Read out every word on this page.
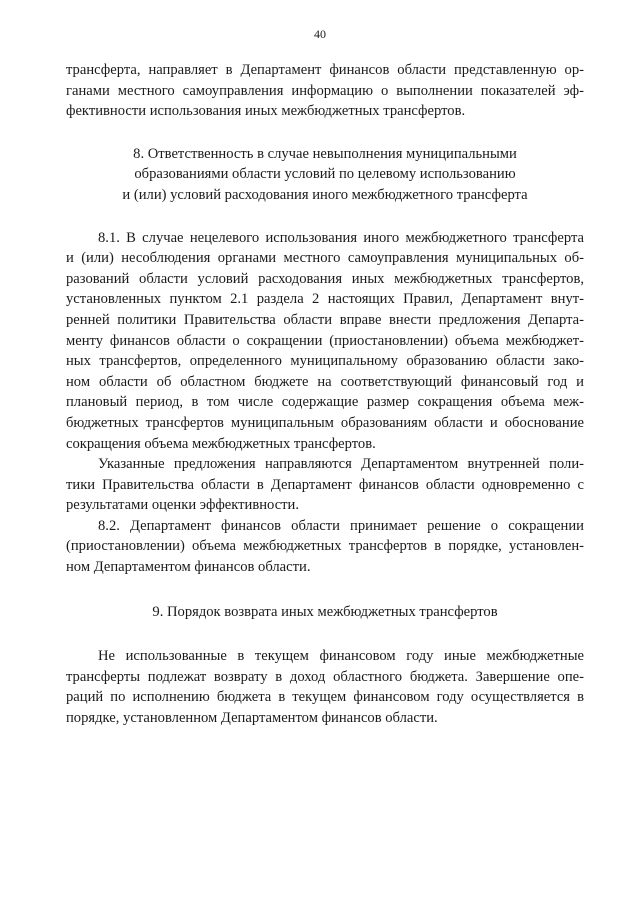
40
трансферта, направляет в Департамент финансов области представленную ор-
ганами местного самоуправления информацию о выполнении показателей эф-
фективности использования иных межбюджетных трансфертов.
8. Ответственность в случае невыполнения муниципальными
образованиями области условий по целевому использованию
и (или) условий расходования иного межбюджетного трансферта
8.1. В случае нецелевого использования иного межбюджетного трансферта
и (или) несоблюдения органами местного самоуправления муниципальных об-
разований области условий расходования иных межбюджетных трансфертов,
установленных пунктом 2.1 раздела 2 настоящих Правил, Департамент внут-
ренней политики Правительства области вправе внести предложения Департа-
менту финансов области о сокращении (приостановлении) объема межбюджет-
ных трансфертов, определенного муниципальному образованию области зако-
ном области об областном бюджете на соответствующий финансовый год и
плановый период, в том числе содержащие размер сокращения объема меж-
бюджетных трансфертов муниципальным образованиям области и обоснование
сокращения объема межбюджетных трансфертов.
Указанные предложения направляются Департаментом внутренней поли-
тики Правительства области в Департамент финансов области одновременно с
результатами оценки эффективности.
8.2. Департамент финансов области принимает решение о сокращении
(приостановлении) объема межбюджетных трансфертов в порядке, установлен-
ном Департаментом финансов области.
9. Порядок возврата иных межбюджетных трансфертов
Не использованные в текущем финансовом году иные межбюджетные
трансферты подлежат возврату в доход областного бюджета. Завершение опе-
раций по исполнению бюджета в текущем финансовом году осуществляется в
порядке, установленном Департаментом финансов области.
